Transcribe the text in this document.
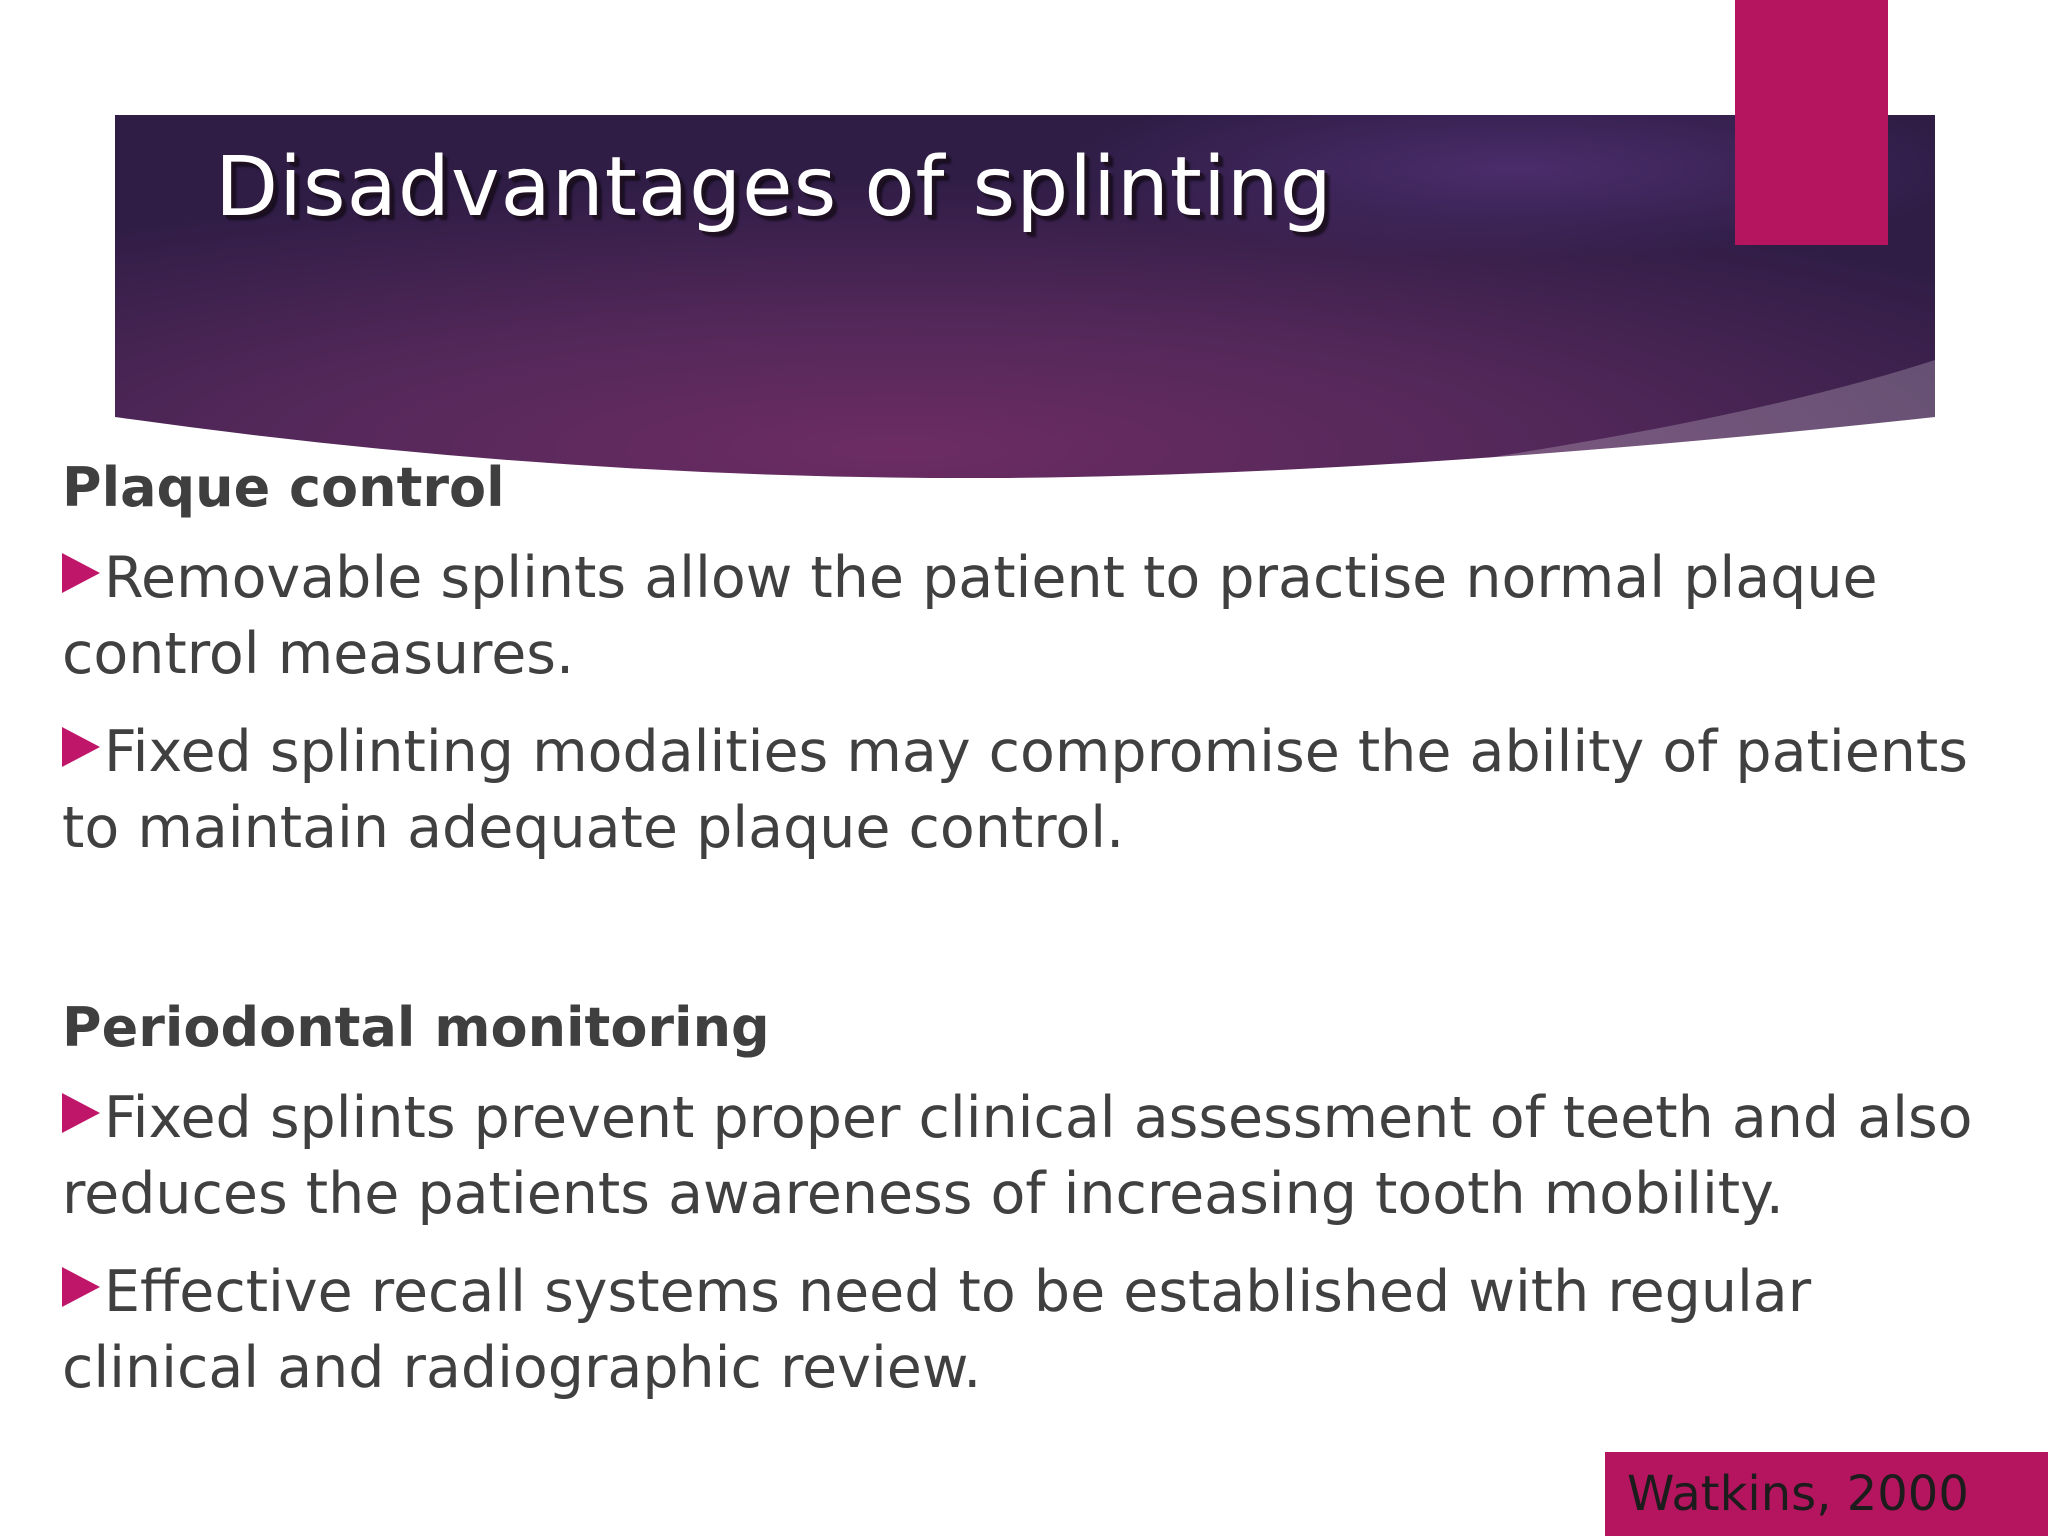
Disadvantages of splinting
Plaque control
Removable splints allow the patient to practise normal plaque control measures.
Fixed splinting modalities may compromise the ability of patients to maintain adequate plaque control.
Periodontal monitoring
Fixed splints prevent proper clinical assessment of teeth and also reduces the patients awareness of increasing tooth mobility.
Effective recall systems need to be established with regular clinical and radiographic review.
Watkins, 2000
